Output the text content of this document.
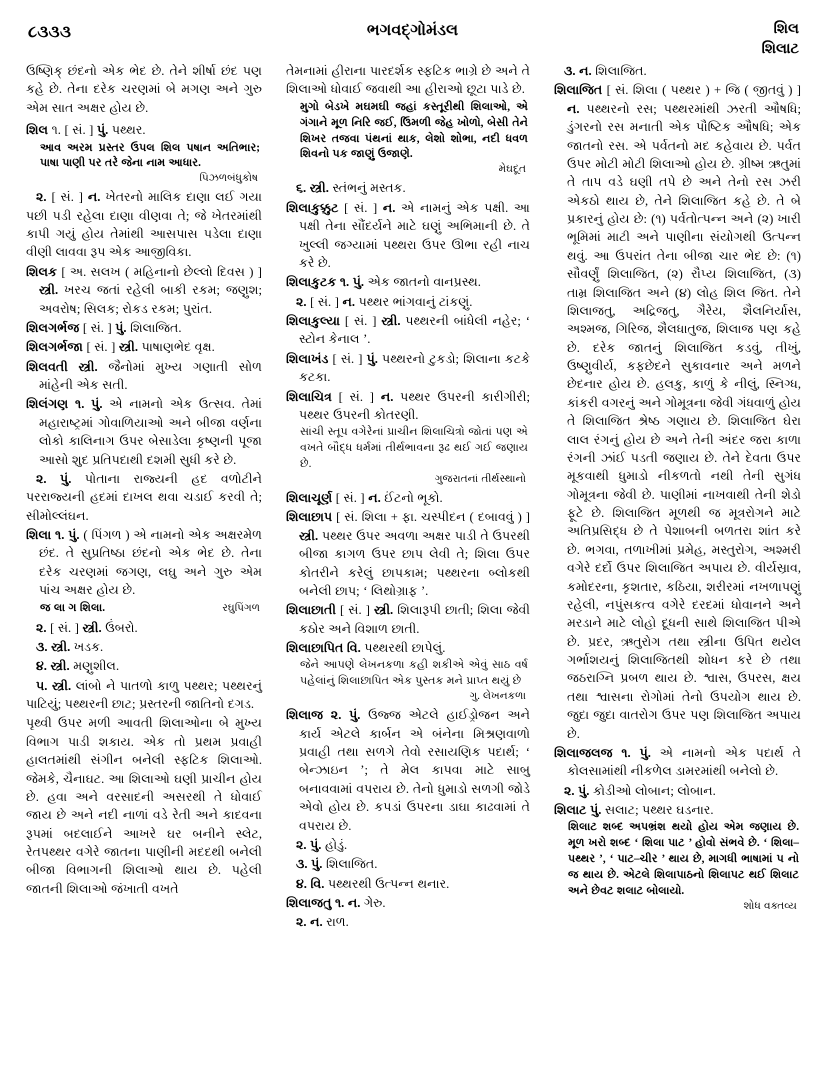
૮૩૩૩	ભગવદ્ગોમંડલ	શિલ
શિલાટ

ઉષ્ણિક્ છંદનો એક ભેદ છે. તેને શીર્ષા છંદ પણ કહે છે. તેના દરેક ચરણમાં બે મગણ અને ગુરુ એમ સાત અક્ષર હોય છે.

શિલ ૧. [ સં. ] પું. પથ્થર.

આવ અરમ પ્રસ્તર ઉપલ શિલ પષાન અતિભાર; પાષા પાણી પર તરે જેના નામ આધાર.
પિઝળબંધુકોષ

૨. [ સં. ] ન. ખેતરનો માલિક દાણા લઈ ગયા પછી પડી રહેલા દાણા વીણવા તે; જે ખેતરમાંથી કાપી ગયું હોય તેમાંથી આસપાસ પડેલા દાણા વીણી લાવવા રૂપ એક આજીવિકા.

શિલક [ અ. સલખ ( મહિનાનો છેલ્લો દિવસ ) ] સ્ત્રી. ખરચ જતાં રહેલી બાકી રકમ; જણુશ; અવરોષ; સિલક; રોકડ રકમ; પુરાંત.

શિલગર્ભજ [ સં. ] પું. શિલાજિત.

શિલગર્ભજા [ સં. ] સ્ત્રી. પાષાણભેદ વૃક્ષ.

શિલવતી સ્ત્રી. જૈનોમાં મુખ્ય ગણાતી સોળ માંહેની એક સતી.

શિલંગણ ૧. પું. એ નામનો એક ઉત્સવ. તેમાં મહારાષ્ટ્રમાં ગોવાળિયાઓ અને બીજા વર્ણના લોકો કાલિનાગ ઉપર બેસાડેલા કૃષ્ણની પૂજા આસો શુદ પ્રતિપદાથી દશમી સુધી કરે છે.

૨. પું. પોતાના રાજ્યની હદ વળોટીને પરરાજ્યની હદમાં દાખલ થવા ચડાઈ કરવી તે; સીમોલ્લંઘન.

શિલા ૧. પું. ( પિંગળ ) એ નામનો એક અક્ષરમેળ છંદ. તે સુપ્રતિષ્ઠા છંદનો એક ભેદ છે. તેના દરેક ચરણમાં જગણ, લઘુ અને ગુરુ એમ પાંચ અક્ષર હોય છે.

રઘુપિંગળ
જ લા ગ શિલા.

૨. [ સં. ] સ્ત્રી. ઉંબરો.

૩. સ્ત્રી. ખડક.

૪. સ્ત્રી. મણુશીલ.

૫. સ્ત્રી. લાંબો ને પાતળો કાળુ પથ્થર; પથ્થરનું પાટિયું; પથ્થરની છાટ; પ્રસ્તરની જાતિનો દગડ.

પૃથ્વી ઉપર મળી આવતી શિલાઓના બે મુખ્ય વિભાગ પાડી શકાય. એક તો પ્રથમ પ્રવાહી હાલતમાંથી સંગીન બનેલી સ્ફટિક શિલાઓ. જેમકે, ચૈનાઘટ. આ શિલાઓ ઘણી પ્રાચીન હોય છે. હવા અને વરસાદની અસરથી તે ધોવાઈ જાય છે અને નદી નાળાં વડે રેતી અને કાદવના રૂપમાં બદલાઈને આખરે ઘર બનીને સ્લેટ, રેતપથ્થર વગેરે જાતના પાણીની મદદથી બનેલી બીજા વિભાગની શિલાઓ થાય છે. પહેલી જાતની શિલાઓ જંખાતી વખતે

તેમનામાં હીરાના પારદર્શક સ્ફટિક ભાગ્રે છે અને તે શિલાઓ ધોવાઈ જવાથી આ હીરાઓ છૂટા પાડે છે.

મુગો બેડખે મઘમઘી જહાં કસ્તૂરીથી શિલાઓ, એ ગંગાને મૂળ નિરિ જઈ, ઉિમળી જેહ ખોળો, બેસી તેને શિખર તજવા પંથનાં થાક, લેશો શોભા, નદી ધવળ શિવનો પક જાણું ઉજાણે.
મેઘદૂત

૬. સ્ત્રી. સ્તંભનું મસ્તક.

શિલાકુક્કુટ [ સં. ] ન. એ નામનું એક પક્ષી. આ પક્ષી તેના સૌંદર્યને માટે ઘણું અભિમાની છે. તે ખુલ્લી જગ્યામાં પથ્થરા ઉપર ઊભા રહી નાચ કરે છે.

શિલાકુટક ૧. પું. એક જાતનો વાનપ્રસ્થ.

૨. [ સં. ] ન. પથ્થર ભાંગવાનું ટાંકણું.

શિલાકુલ્યા [ સં. ] સ્ત્રી. પથ્થરની બાંધેલી નહેર; ‘ સ્ટોન કેનાલ ’.

શિલાખંડ [ સં. ] પું. પથ્થરનો ટુકડો; શિલાના કટકે કટકા.

શિલાચિત્ર [ સં. ] ન. પથ્થર ઉપરની કારીગીરી; પથ્થર ઉપરની કોતરણી.

સાંચી સ્તૂપ વગેરેનાં પ્રાચીન શિલાચિત્રો જોતાં પણ એ વખતે બૌદ્ધ ધર્મમાં તીર્થભાવના રૂઢ થઈ ગઈ જણાય છે.
ગુજરાતનાં તીર્થસ્થાનો

શિલાચૂર્ણ [ સં. ] ન. ઈંટનો ભૂકો.

શિલાછાપ [ સં. શિલા + ફા. ચસ્પીદન ( દબાવવું ) ] સ્ત્રી. પથ્થર ઉપર અવળા અક્ષર પાડી તે ઉપરથી બીજા કાગળ ઉપર છાપ લેવી તે; શિલા ઉપર કોતરીને કરેલું છાપકામ; પથ્થરના બ્લોકથી બનેલી છાપ; ‘ લિથોગ્રાફ ’.

શિલાછાતી [ સં. ] સ્ત્રી. શિલારૂપી છાતી; શિલા જેવી કઠોર અને વિશાળ છાતી.

શિલાછાપિત વિ. પથ્થરથી છાપેલું.

જેને આપણે લેખનકળા કહી શકીએ એવું સાઠ વર્ષ પહેલાંનું શિલાછાપિત એક પુસ્તક મને પ્રાપ્ત થયું છે
ગુ. લેખનકળા

શિલાજ ૨. પું. ઉજ્જ એટલે હાઈડ્રોજન અને કાર્ય એટલે કાર્બન એ બંનેના મિશ્રણવાળો પ્રવાહી તથા સળગે તેવો રસાયણિક પદાર્થ; ‘ બેન્ઝાઇન ’; તે મેલ કાપવા માટે સાબુ બનાવવામાં વપરાય છે. તેનો ધુમાડો સળગી જોડે એવો હોય છે. કપડાં ઉપરના ડાઘા કાઢવામાં તે વપરાય છે.

૨. પું. હોડું.

૩. પું. શિલાજિત.

૪. વિ. પથ્થરથી ઉત્પન્ન થનાર.

શિલાજતુ ૧. ન. ગેરુ.

૨. ન. રાળ.

૩. ન. શિલાજિત.

શિલાજિત [ સં. શિલા ( પથ્થર ) + જિ ( જીતવું ) ] ન. પથ્થરનો રસ; પથ્થરમાંથી ઝરતી ઔષધિ; ડુંગરનો રસ મનાતી એક પૌષ્ટિક ઔષધિ; એક જાતનો રસ. એ પર્વતનો મદ કહેવાય છે. પર્વત ઉપર મોટી મોટી શિલાઓ હોય છે. ગ્રીષ્મ ઋતુમાં તે તાપ વડે ઘણી તપે છે અને તેનો રસ ઝરી એકઠો થાય છે, તેને શિલાજિત કહે છે. તે બે પ્રકારનું હોય છે: (૧) પર્વતોત્પન્ન અને (૨) ખારી ભૂમિમાં માટી અને પાણીના સંયોગથી ઉત્પન્ન થવું. આ ઉપરાંત તેના બીજા ચાર ભેદ છે: (૧) સૌવર્ણું શિલાજિત, (૨) રૌપ્ય શિલાજિત, (૩) તામ્ર શિલાજિત અને (૪) લોહ શિલ જિત. તેને શિલાજતુ, અદ્રિજતુ, ગૈરેય, શૈલનિર્યાસ, અશ્મજ, ગિરિજ, શૈલધાતુજ, શિલાજ પણ કહે છે. દરેક જાતનું શિલાજિત કડવું, તીખું, ઉષ્ણુવીર્ય, કફછેદને સુકાવનાર અને મળને છેદનાર હોય છે. હલકુ, કાળું કે નીલું, સ્નિગ્ધ, કાંકરી વગરનું અને ગોમૂત્રના જેવી ગંધવાળું હોય તે શિલાજિત શ્રેષ્ઠ ગણાય છે. શિલાજિત ઘેરા લાલ રંગનું હોય છે અને તેની અંદર જરા કાળા રંગની ઝાંઈ પડતી જણાય છે. તેને દેવતા ઉપર મૂકવાથી ધુમાડો નીકળતો નથી તેની સુગંધ ગોમૂત્રના જેવી છે. પાણીમાં નાખવાથી તેની શેડો ફૂટે છે. શિલાજિત મૂળથી જ મૂત્રરોગને માટે અતિપ્રસિદ્ધ છે તે પેશાબની બળતરા શાંત કરે છે. ભગવા, તળાખીમાં પ્રમેહ, મસ્તુરોગ, અશ્મરી વગેરે દર્દો ઉપર શિલાજિત અપાય છે. વીર્યસ્રાવ, કમોદરના, કૃશતાર, કઠિયા, શરીરમાં નખળાપણું રહેલી, નપુંસકત્વ વગેરે દરદમાં ધોવાનને અને મરડાને માટે લોહો દૂધની સાથે શિલાજિત પીએ છે. પ્રદર, ઋતુરોગ તથા સ્ત્રીના ઉપિત થયેલ ગર્ભાશયનું શિલાજિતથી શોધન કરે છે તથા જઠરાગ્નિ પ્રબળ થાય છે. શ્વાસ, ઉપરસ, ક્ષય તથા શ્વાસના રોગોમાં તેનો ઉપયોગ થાય છે. જુદા જુદા વાતરોગ ઉપર પણ શિલાજિત અપાય છે.

શિલાજલજ ૧. પું. એ નામનો એક પદાર્થ તે કોલસામાંથી નીકળેલ ડામરમાંથી બનેલો છે.

૨. પું. કોડીઓ લોબાન; લોબાન.

શિલાટ પું. સલાટ; પથ્થર ઘડનાર.

શિલાટ શબ્દ અપભ્રંશ થયો હોય એમ જણાય છે. મૂળ ખરો શબ્દ ‘ શિલા પાટ ’ હોવો સંભવે છે. ‘ શિલા–પથ્થર ’, ‘ પાટ–ચીર ’ થાય છે, માગધી ભાષામાં પ નો જ થાય છે. એટલે શિલાપાઠનો શિલાપટ થઈ શિલાટ અને છેવટ શલાટ બોલાયો.
શોધ વક્તવ્ય
